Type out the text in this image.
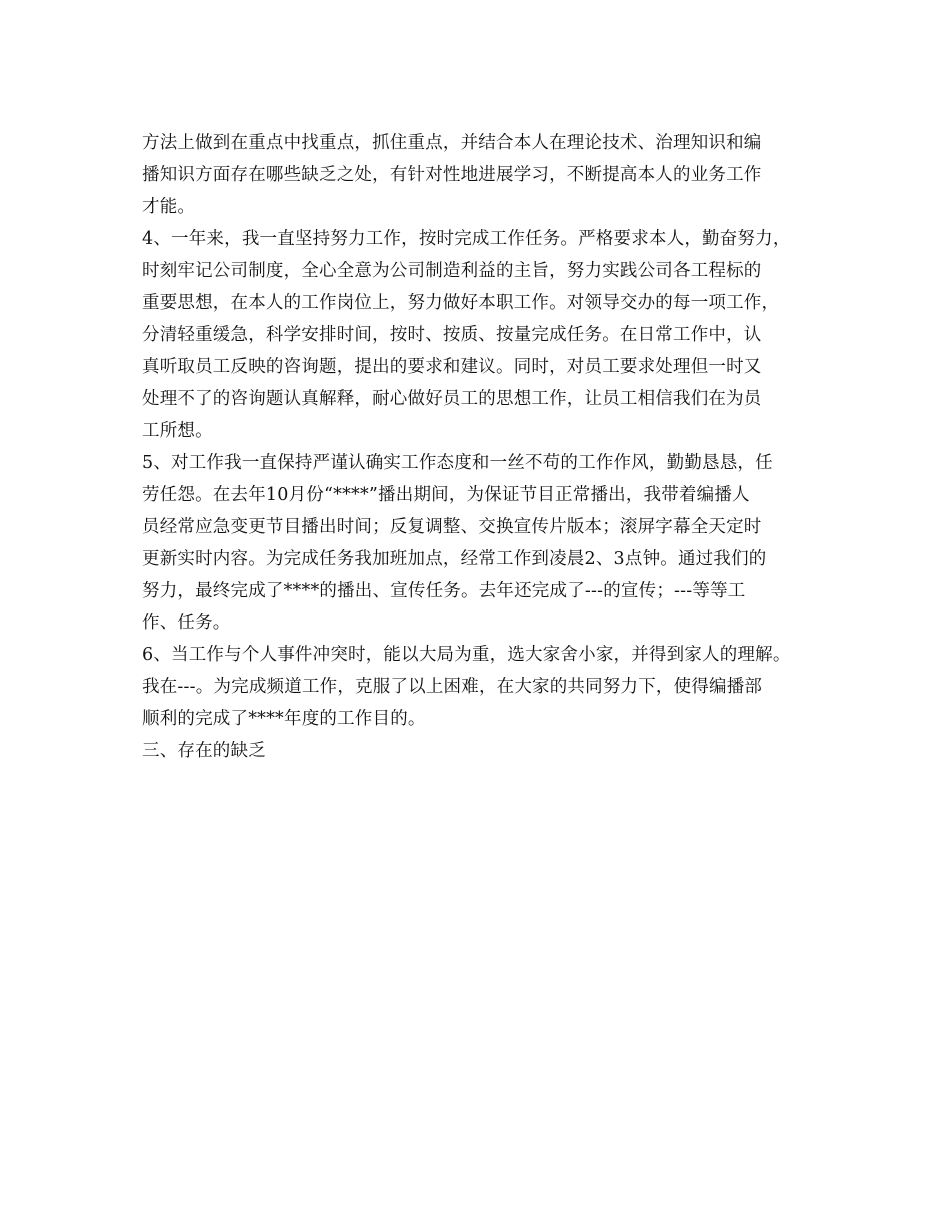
方法上做到在重点中找重点，抓住重点，并结合本人在理论技术、治理知识和编
播知识方面存在哪些缺乏之处，有针对性地进展学习，不断提高本人的业务工作
才能。
4、一年来，我一直坚持努力工作，按时完成工作任务。严格要求本人，勤奋努力，
时刻牢记公司制度，全心全意为公司制造利益的主旨，努力实践公司各工程标的
重要思想，在本人的工作岗位上，努力做好本职工作。对领导交办的每一项工作，
分清轻重缓急，科学安排时间，按时、按质、按量完成任务。在日常工作中，认
真听取员工反映的咨询题，提出的要求和建议。同时，对员工要求处理但一时又
处理不了的咨询题认真解释，耐心做好员工的思想工作，让员工相信我们在为员
工所想。
5、对工作我一直保持严谨认确实工作态度和一丝不苟的工作作风，勤勤恳恳，任
劳任怨。在去年10月份“****”播出期间，为保证节目正常播出，我带着编播人
员经常应急变更节目播出时间；反复调整、交换宣传片版本；滚屏字幕全天定时
更新实时内容。为完成任务我加班加点，经常工作到凌晨2、3点钟。通过我们的
努力，最终完成了****的播出、宣传任务。去年还完成了---的宣传；---等等工
作、任务。
6、当工作与个人事件冲突时，能以大局为重，选大家舍小家，并得到家人的理解。
我在---。为完成频道工作，克服了以上困难，在大家的共同努力下，使得编播部
顺利的完成了****年度的工作目的。
三、存在的缺乏
